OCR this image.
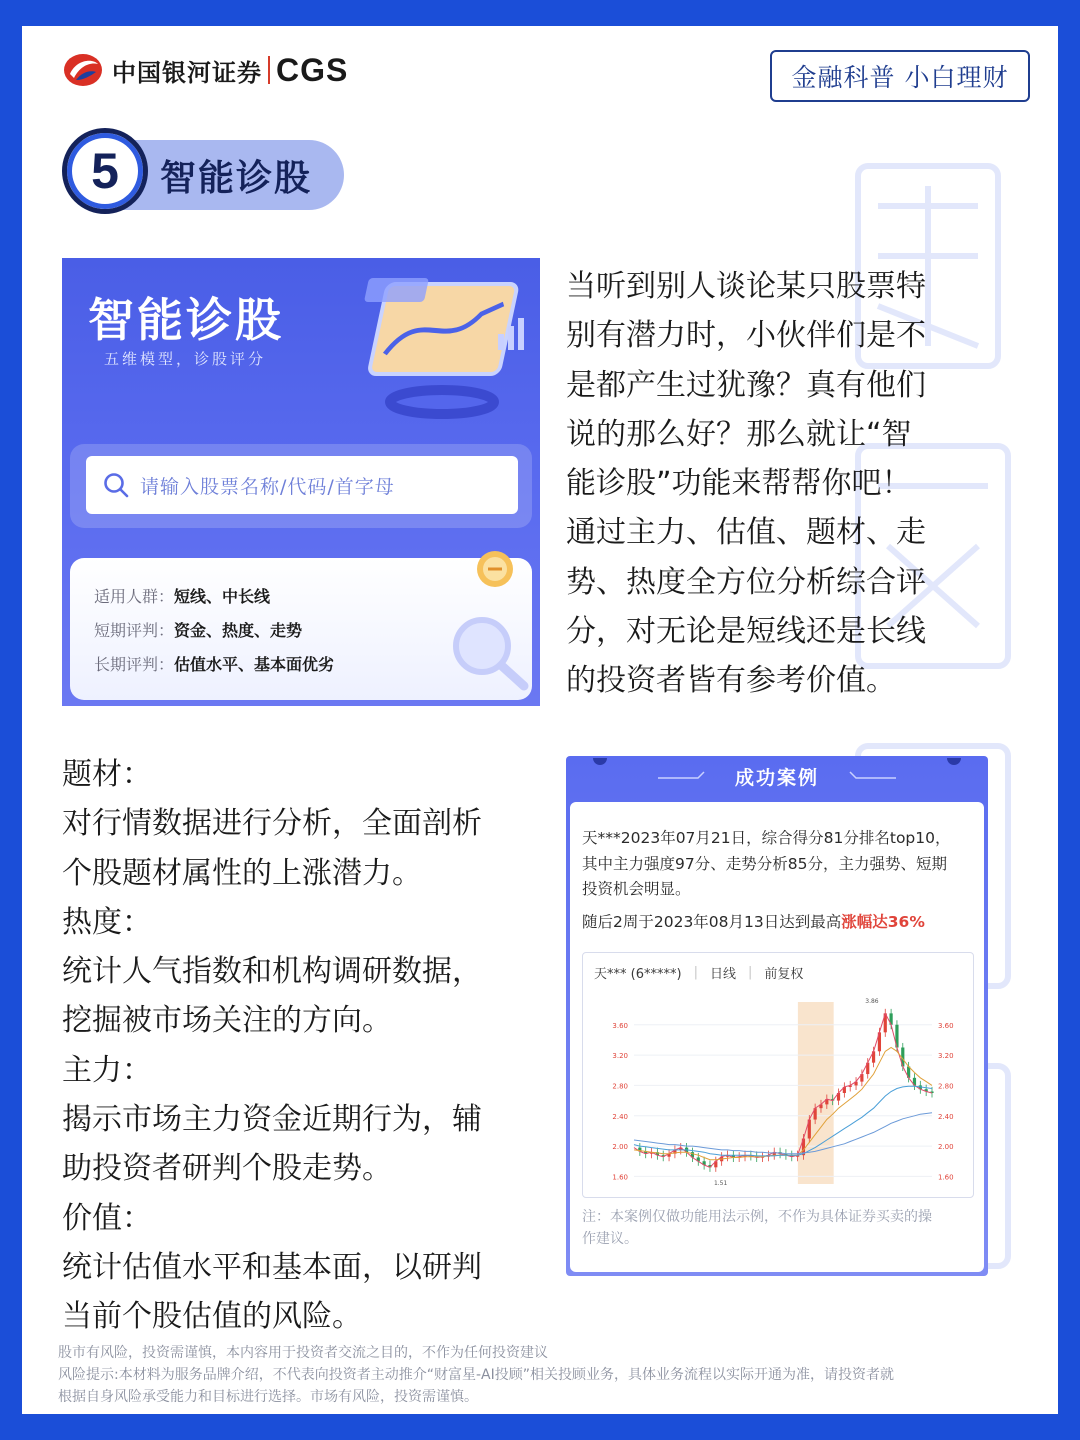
中国银河证券 CGS	金融科普 小白理财
5 智能诊股
智能诊股
五维模型，诊股评分
请输入股票名称/代码/首字母
适用人群：短线、中长线
短期评判：资金、热度、走势
长期评判：估值水平、基本面优劣
当听到别人谈论某只股票特
别有潜力时，小伙伴们是不
是都产生过犹豫？真有他们
说的那么好？那么就让“智
能诊股”功能来帮帮你吧！
通过主力、估值、题材、走
势、热度全方位分析综合评
分，对无论是短线还是长线
的投资者皆有参考价值。
题材：
对行情数据进行分析，全面剖析
个股题材属性的上涨潜力。
热度：
统计人气指数和机构调研数据，
挖掘被市场关注的方向。
主力：
揭示市场主力资金近期行为，辅
助投资者研判个股走势。
价值：
统计估值水平和基本面，以研判
当前个股估值的风险。
成功案例
天***2023年07月21日，综合得分81分排名top10，
其中主力强度97分、走势分析85分，主力强势、短期
投资机会明显。
随后2周于2023年08月13日达到最高涨幅达36%
天*** (6*****) | 日线 | 前复权
3.60
3.20
2.80
2.40
2.00
1.60
3.60
3.20
2.80
2.40
2.00
1.60
3.86
1.51
注：本案例仅做功能用法示例，不作为具体证券买卖的操
作建议。
股市有风险，投资需谨慎，本内容用于投资者交流之目的，不作为任何投资建议
风险提示:本材料为服务品牌介绍，不代表向投资者主动推介“财富星-AI投顾”相关投顾业务，具体业务流程以实际开通为准，请投资者就
根据自身风险承受能力和目标进行选择。市场有风险，投资需谨慎。
